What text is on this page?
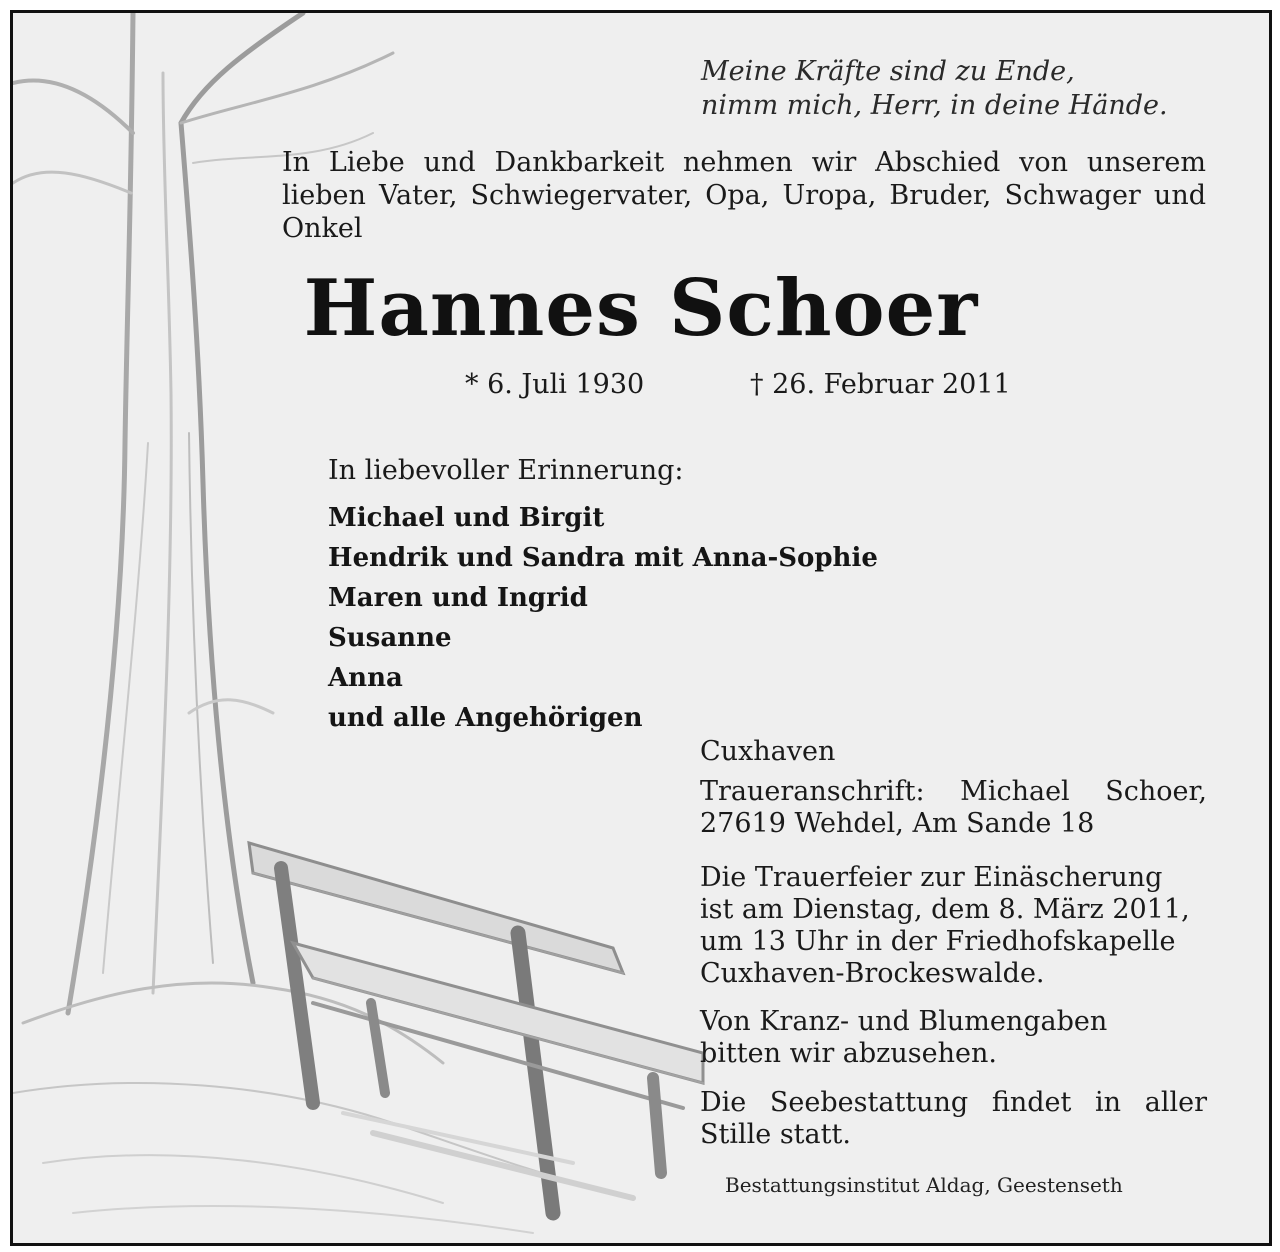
Meine Kräfte sind zu Ende,
nimm mich, Herr, in deine Hände.
In Liebe und Dankbarkeit nehmen wir Abschied von unserem lieben Vater, Schwiegervater, Opa, Uropa, Bruder, Schwager und Onkel
Hannes Schoer
* 6. Juli 1930	† 26. Februar 2011
In liebevoller Erinnerung:
Michael und Birgit
Hendrik und Sandra mit Anna-Sophie
Maren und Ingrid
Susanne
Anna
und alle Angehörigen
Cuxhaven
Traueranschrift: Michael Schoer,
27619 Wehdel, Am Sande 18
Die Trauerfeier zur Einäscherung
ist am Dienstag, dem 8. März 2011,
um 13 Uhr in der Friedhofskapelle
Cuxhaven-Brockeswalde.
Von Kranz- und Blumengaben
bitten wir abzusehen.
Die Seebestattung findet in aller
Stille statt.
Bestattungsinstitut Aldag, Geestenseth
